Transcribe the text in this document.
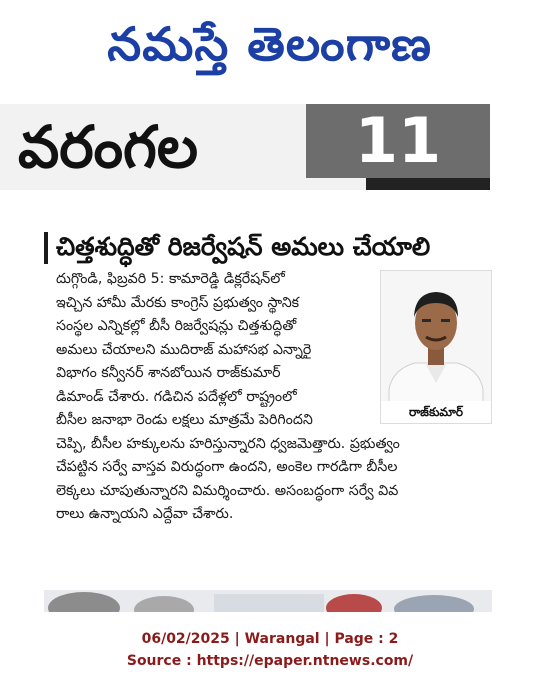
నమస్తే తెలంగాణ
వరంగల	11
చిత్తశుద్ధితో రిజర్వేషన్ అమలు చేయాలి
దుగ్గొండి, ఫిబ్రవరి 5: కామారెడ్డి డిక్లరేషన్‌లో
ఇచ్చిన హామీ మేరకు కాంగ్రెస్ ప్రభుత్వం స్థానిక
సంస్థల ఎన్నికల్లో బీసీ రిజర్వేషన్లు చిత్తశుద్ధితో
అమలు చేయాలని ముదిరాజ్ మహాసభ ఎన్నారై
విభాగం కన్వీనర్ శానబోయిన రాజ్‌కుమార్
డిమాండ్ చేశారు. గడిచిన పదేళ్లలో రాష్ట్రంలో
బీసీల జనాభా రెండు లక్షలు మాత్రమే పెరిగిందని
చెప్పి, బీసీల హక్కులను హరిస్తున్నారని ధ్వజమెత్తారు. ప్రభుత్వం
చేపట్టిన సర్వే వాస్తవ విరుద్ధంగా ఉందని, అంకెల గారడిగా బీసీల
లెక్కలు చూపుతున్నారని విమర్శించారు. అసంబద్ధంగా సర్వే వివ
రాలు ఉన్నాయని ఎద్దేవా చేశారు.
రాజ్‌కుమార్
06/02/2025 | Warangal | Page : 2
Source : https://epaper.ntnews.com/
